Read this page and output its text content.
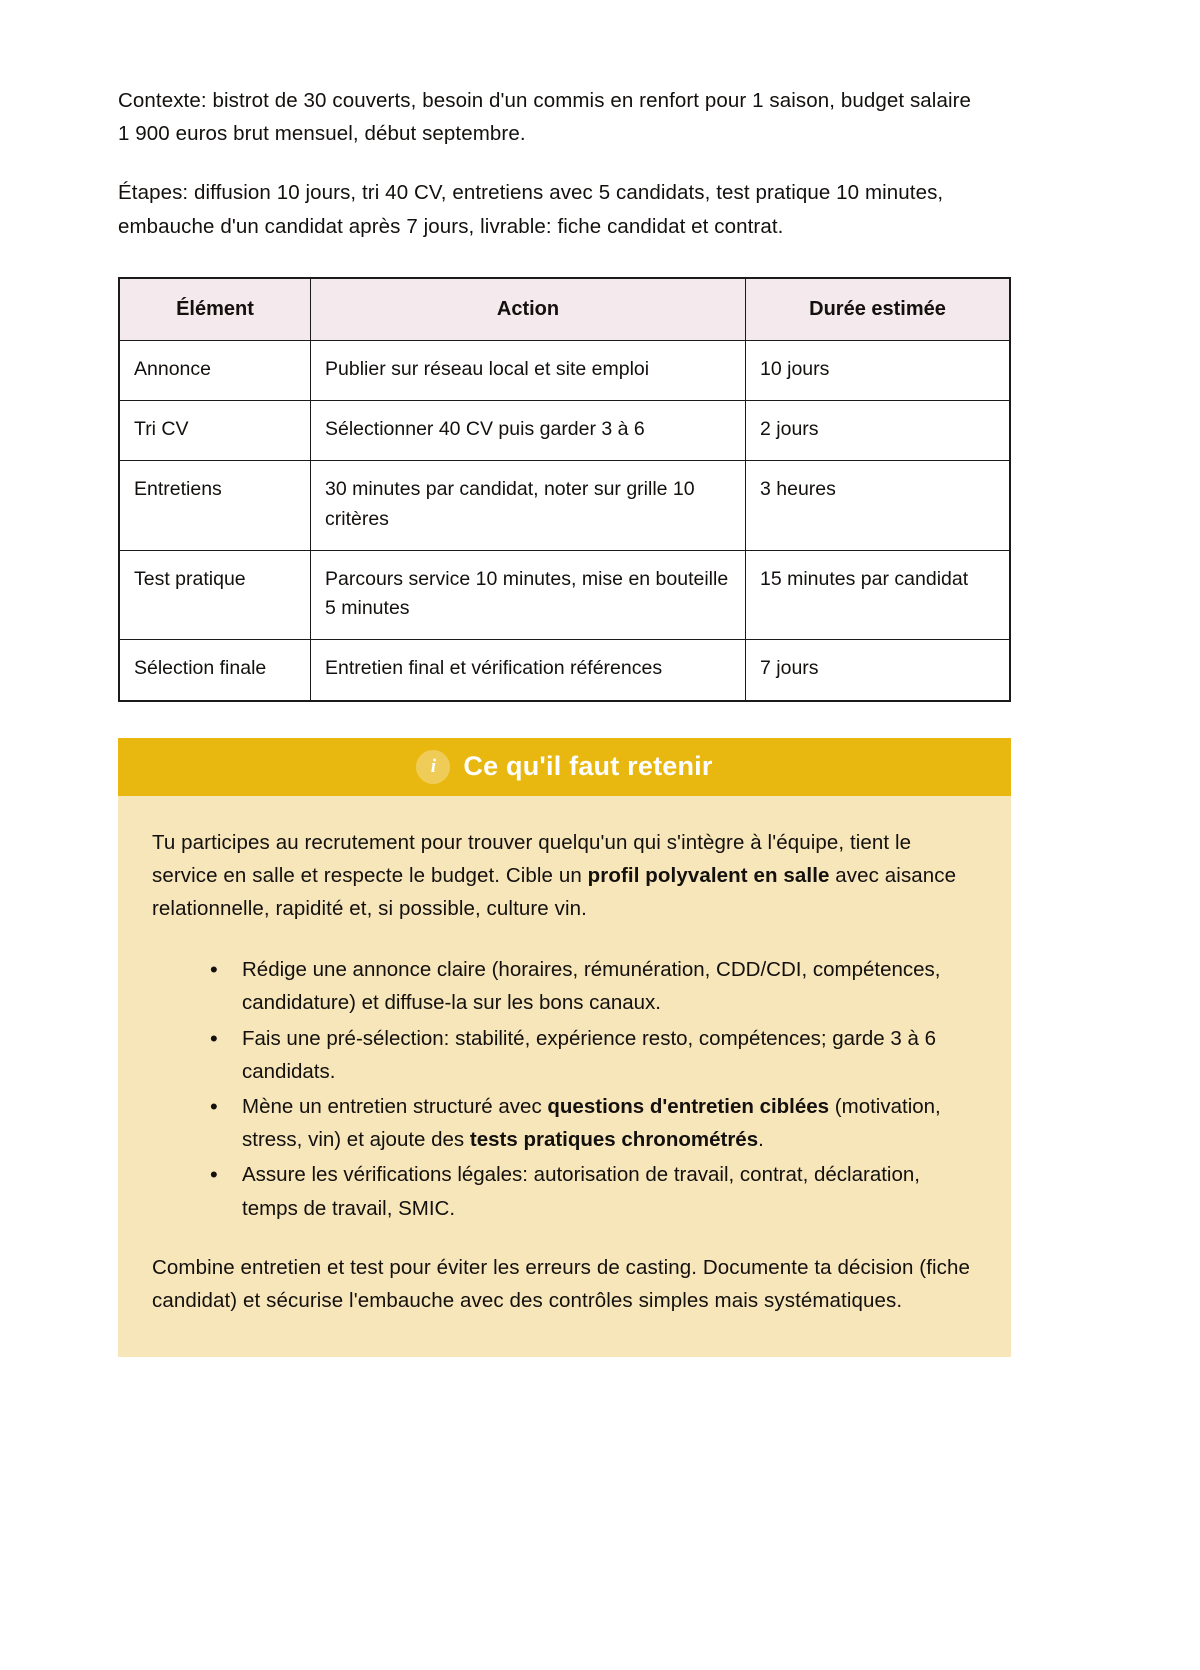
Contexte: bistrot de 30 couverts, besoin d'un commis en renfort pour 1 saison, budget salaire 1 900 euros brut mensuel, début septembre.

Étapes: diffusion 10 jours, tri 40 CV, entretiens avec 5 candidats, test pratique 10 minutes, embauche d'un candidat après 7 jours, livrable: fiche candidat et contrat.

Élément	Action	Durée estimée
Annonce	Publier sur réseau local et site emploi	10 jours
Tri CV	Sélectionner 40 CV puis garder 3 à 6	2 jours
Entretiens	30 minutes par candidat, noter sur grille 10 critères	3 heures
Test pratique	Parcours service 10 minutes, mise en bouteille 5 minutes	15 minutes par candidat
Sélection finale	Entretien final et vérification références	7 jours
i	Ce qu'il faut retenir

Tu participes au recrutement pour trouver quelqu'un qui s'intègre à l'équipe, tient le service en salle et respecte le budget. Cible un profil polyvalent en salle avec aisance relationnelle, rapidité et, si possible, culture vin.

• Rédige une annonce claire (horaires, rémunération, CDD/CDI, compétences, candidature) et diffuse-la sur les bons canaux.
• Fais une pré-sélection: stabilité, expérience resto, compétences; garde 3 à 6 candidats.
• Mène un entretien structuré avec questions d'entretien ciblées (motivation, stress, vin) et ajoute des tests pratiques chronométrés.
• Assure les vérifications légales: autorisation de travail, contrat, déclaration, temps de travail, SMIC.

Combine entretien et test pour éviter les erreurs de casting. Documente ta décision (fiche candidat) et sécurise l'embauche avec des contrôles simples mais systématiques.
